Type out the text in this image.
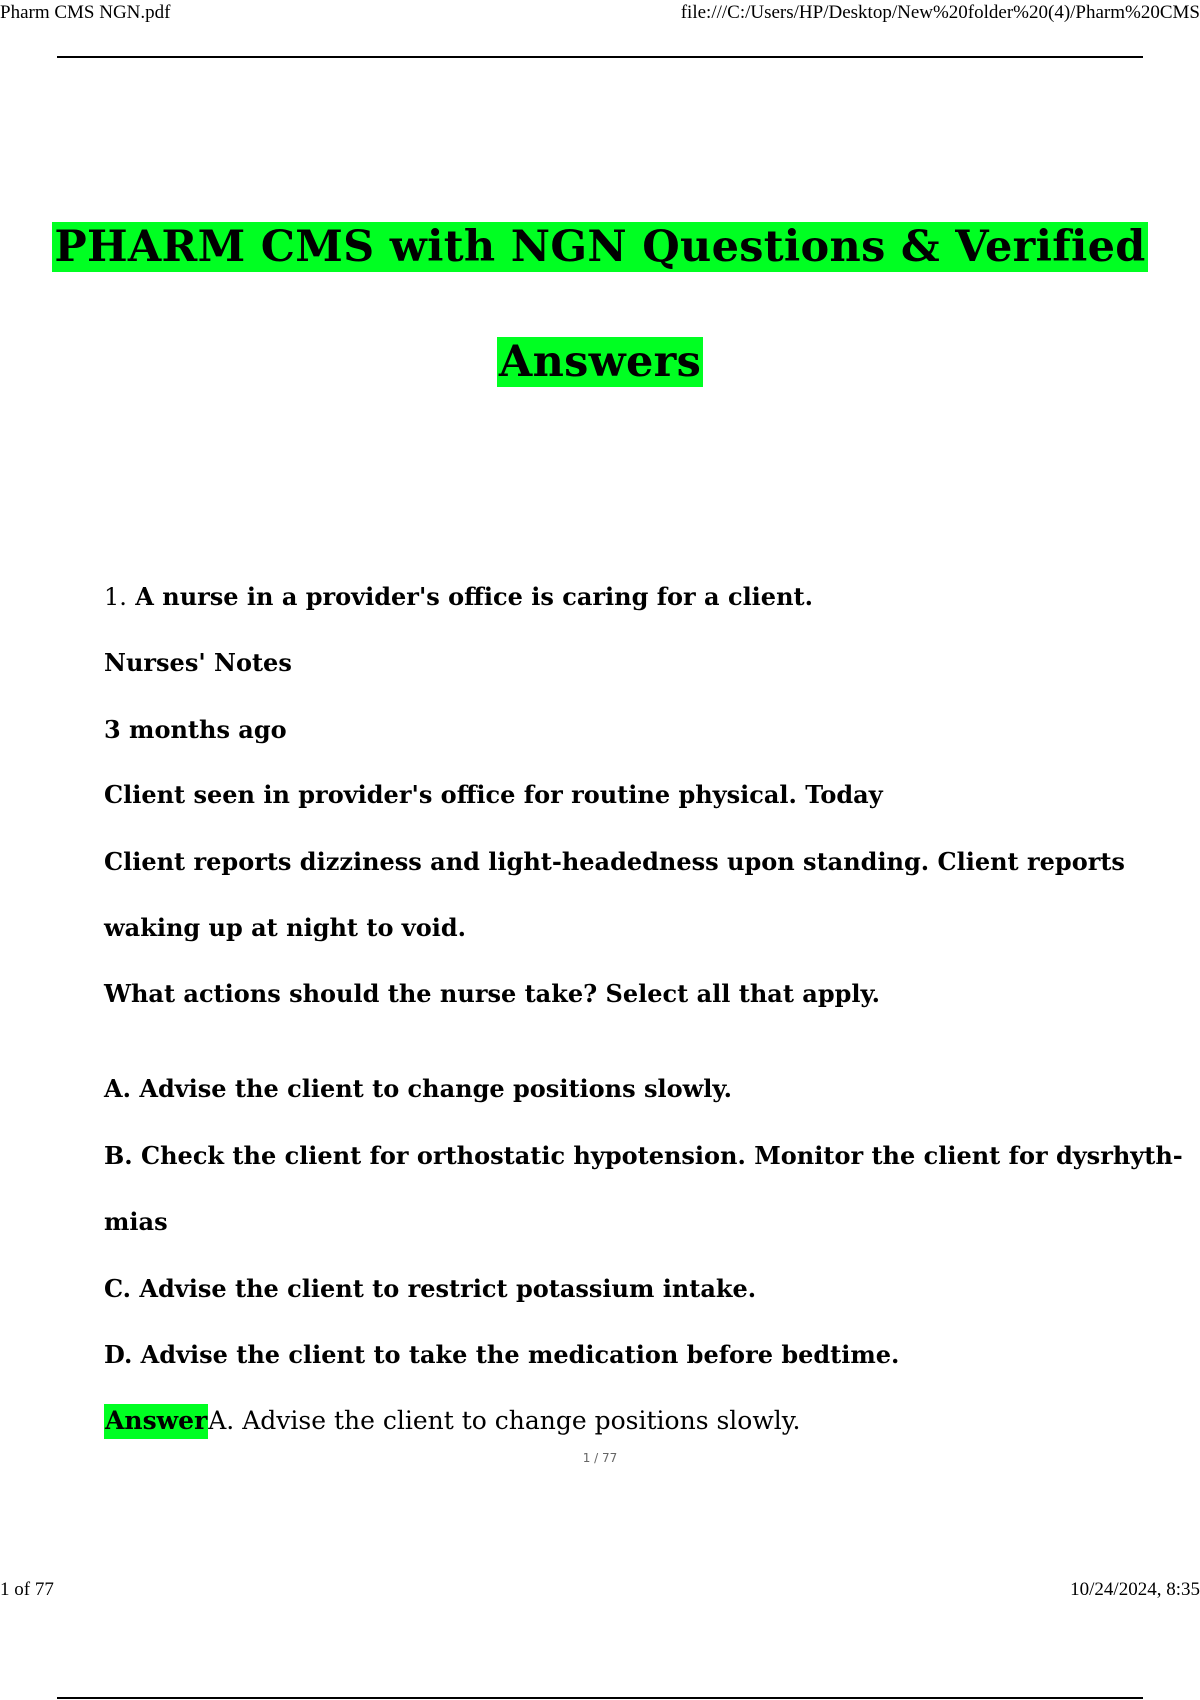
Pharm CMS NGN.pdf	file:///C:/Users/HP/Desktop/New%20folder%20(4)/Pharm%20CMS
PHARM CMS with NGN Questions & Verified
Answers
1. A nurse in a provider's office is caring for a client.
Nurses' Notes
3 months ago
Client seen in provider's office for routine physical. Today
Client reports dizziness and light-headedness upon standing. Client reports
waking up at night to void.
What actions should the nurse take? Select all that apply.
A. Advise the client to change positions slowly.
B. Check the client for orthostatic hypotension. Monitor the client for dysrhyth-
mias
C. Advise the client to restrict potassium intake.
D. Advise the client to take the medication before bedtime.
AnswerA. Advise the client to change positions slowly.
1 / 77
1 of 77	10/24/2024, 8:35
